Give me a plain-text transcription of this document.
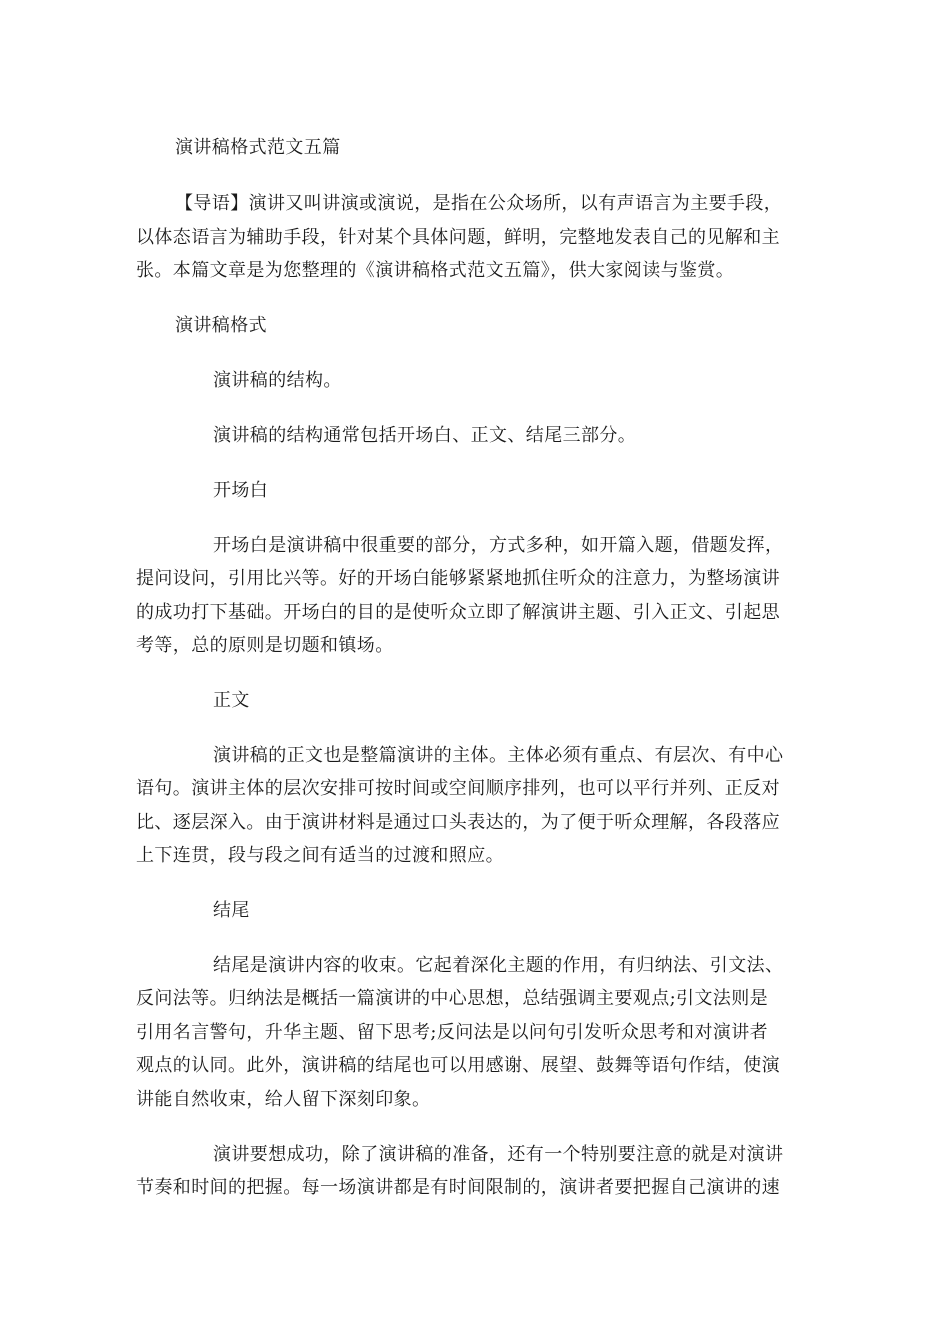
演讲稿格式范文五篇
【导语】演讲又叫讲演或演说，是指在公众场所，以有声语言为主要手段，
以体态语言为辅助手段，针对某个具体问题，鲜明，完整地发表自己的见解和主
张。本篇文章是为您整理的《演讲稿格式范文五篇》，供大家阅读与鉴赏。
演讲稿格式
演讲稿的结构。
演讲稿的结构通常包括开场白、正文、结尾三部分。
开场白
开场白是演讲稿中很重要的部分，方式多种，如开篇入题，借题发挥，
提问设问，引用比兴等。好的开场白能够紧紧地抓住听众的注意力，为整场演讲
的成功打下基础。开场白的目的是使听众立即了解演讲主题、引入正文、引起思
考等，总的原则是切题和镇场。
正文
演讲稿的正文也是整篇演讲的主体。主体必须有重点、有层次、有中心
语句。演讲主体的层次安排可按时间或空间顺序排列，也可以平行并列、正反对
比、逐层深入。由于演讲材料是通过口头表达的，为了便于听众理解，各段落应
上下连贯，段与段之间有适当的过渡和照应。
结尾
结尾是演讲内容的收束。它起着深化主题的作用，有归纳法、引文法、
反问法等。归纳法是概括一篇演讲的中心思想，总结强调主要观点;引文法则是
引用名言警句，升华主题、留下思考;反问法是以问句引发听众思考和对演讲者
观点的认同。此外，演讲稿的结尾也可以用感谢、展望、鼓舞等语句作结，使演
讲能自然收束，给人留下深刻印象。
演讲要想成功，除了演讲稿的准备，还有一个特别要注意的就是对演讲
节奏和时间的把握。每一场演讲都是有时间限制的，演讲者要把握自己演讲的速
